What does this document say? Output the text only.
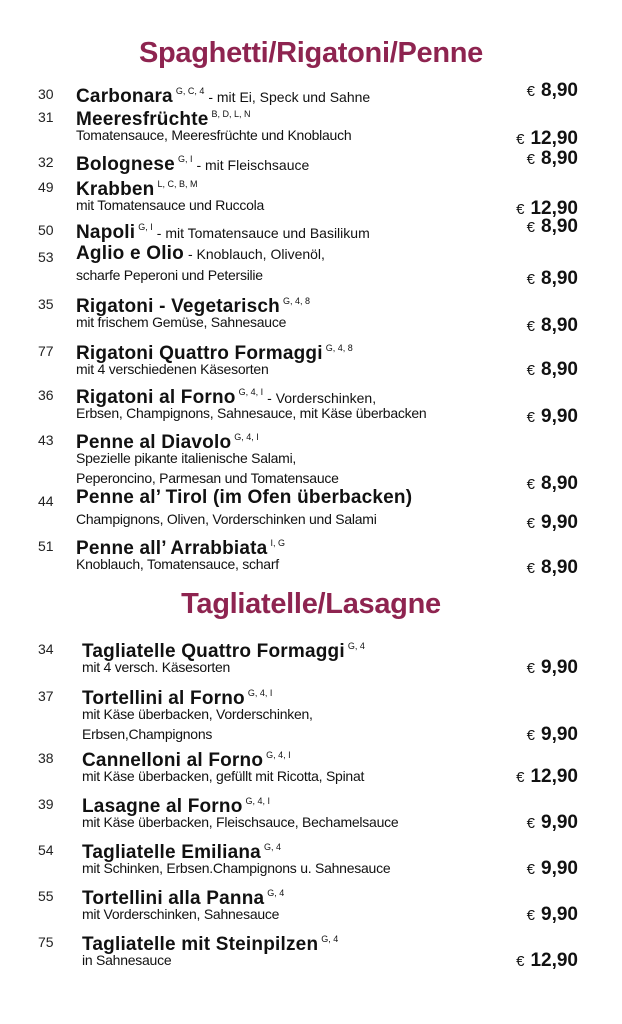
Spaghetti/Rigatoni/Penne
30 Carbonara $^{G, C, 4}$ - mit Ei, Speck und Sahne	€ 8,90
31 Meeresfrüchte $^{B, D, L, N}$
Tomatensauce, Meeresfrüchte und Knoblauch	€ 12,90
32 Bolognese $^{G, I}$ - mit Fleischsauce	€ 8,90
49 Krabben $^{L, C, B, M}$
mit Tomatensauce und Ruccola	€ 12,90
50 Napoli $^{G, I}$ - mit Tomatensauce und Basilikum	€ 8,90
53 Aglio e Olio - Knoblauch, Olivenöl,
scharfe Peperoni und Petersilie	€ 8,90
35 Rigatoni - Vegetarisch $^{G, 4, 8}$
mit frischem Gemüse, Sahnesauce	€ 8,90
77 Rigatoni Quattro Formaggi $^{G, 4, 8}$
mit 4 verschiedenen Käsesorten	€ 8,90
36 Rigatoni al Forno $^{G, 4, I}$ - Vorderschinken,
Erbsen, Champignons, Sahnesauce, mit Käse überbacken	€ 9,90
43 Penne al Diavolo $^{G, 4, I}$
Spezielle pikante italienische Salami,
Peperoncino, Parmesan und Tomatensauce	€ 8,90
44 Penne al’ Tirol (im Ofen überbacken)
Champignons, Oliven, Vorderschinken und Salami	€ 9,90
51 Penne all’ Arrabbiata $^{I, G}$
Knoblauch, Tomatensauce, scharf	€ 8,90
Tagliatelle/Lasagne
34 Tagliatelle Quattro Formaggi $^{G, 4}$
mit 4 versch. Käsesorten	€ 9,90
37 Tortellini al Forno $^{G, 4, I}$
mit Käse überbacken, Vorderschinken,
Erbsen,Champignons	€ 9,90
38 Cannelloni al Forno $^{G, 4, I}$
mit Käse überbacken, gefüllt mit Ricotta, Spinat	€ 12,90
39 Lasagne al Forno $^{G, 4, I}$
mit Käse überbacken, Fleischsauce, Bechamelsauce	€ 9,90
54 Tagliatelle Emiliana $^{G, 4}$
mit Schinken, Erbsen.Champignons u. Sahnesauce	€ 9,90
55 Tortellini alla Panna $^{G, 4}$
mit Vorderschinken, Sahnesauce	€ 9,90
75 Tagliatelle mit Steinpilzen $^{G, 4}$
in Sahnesauce	€ 12,90
